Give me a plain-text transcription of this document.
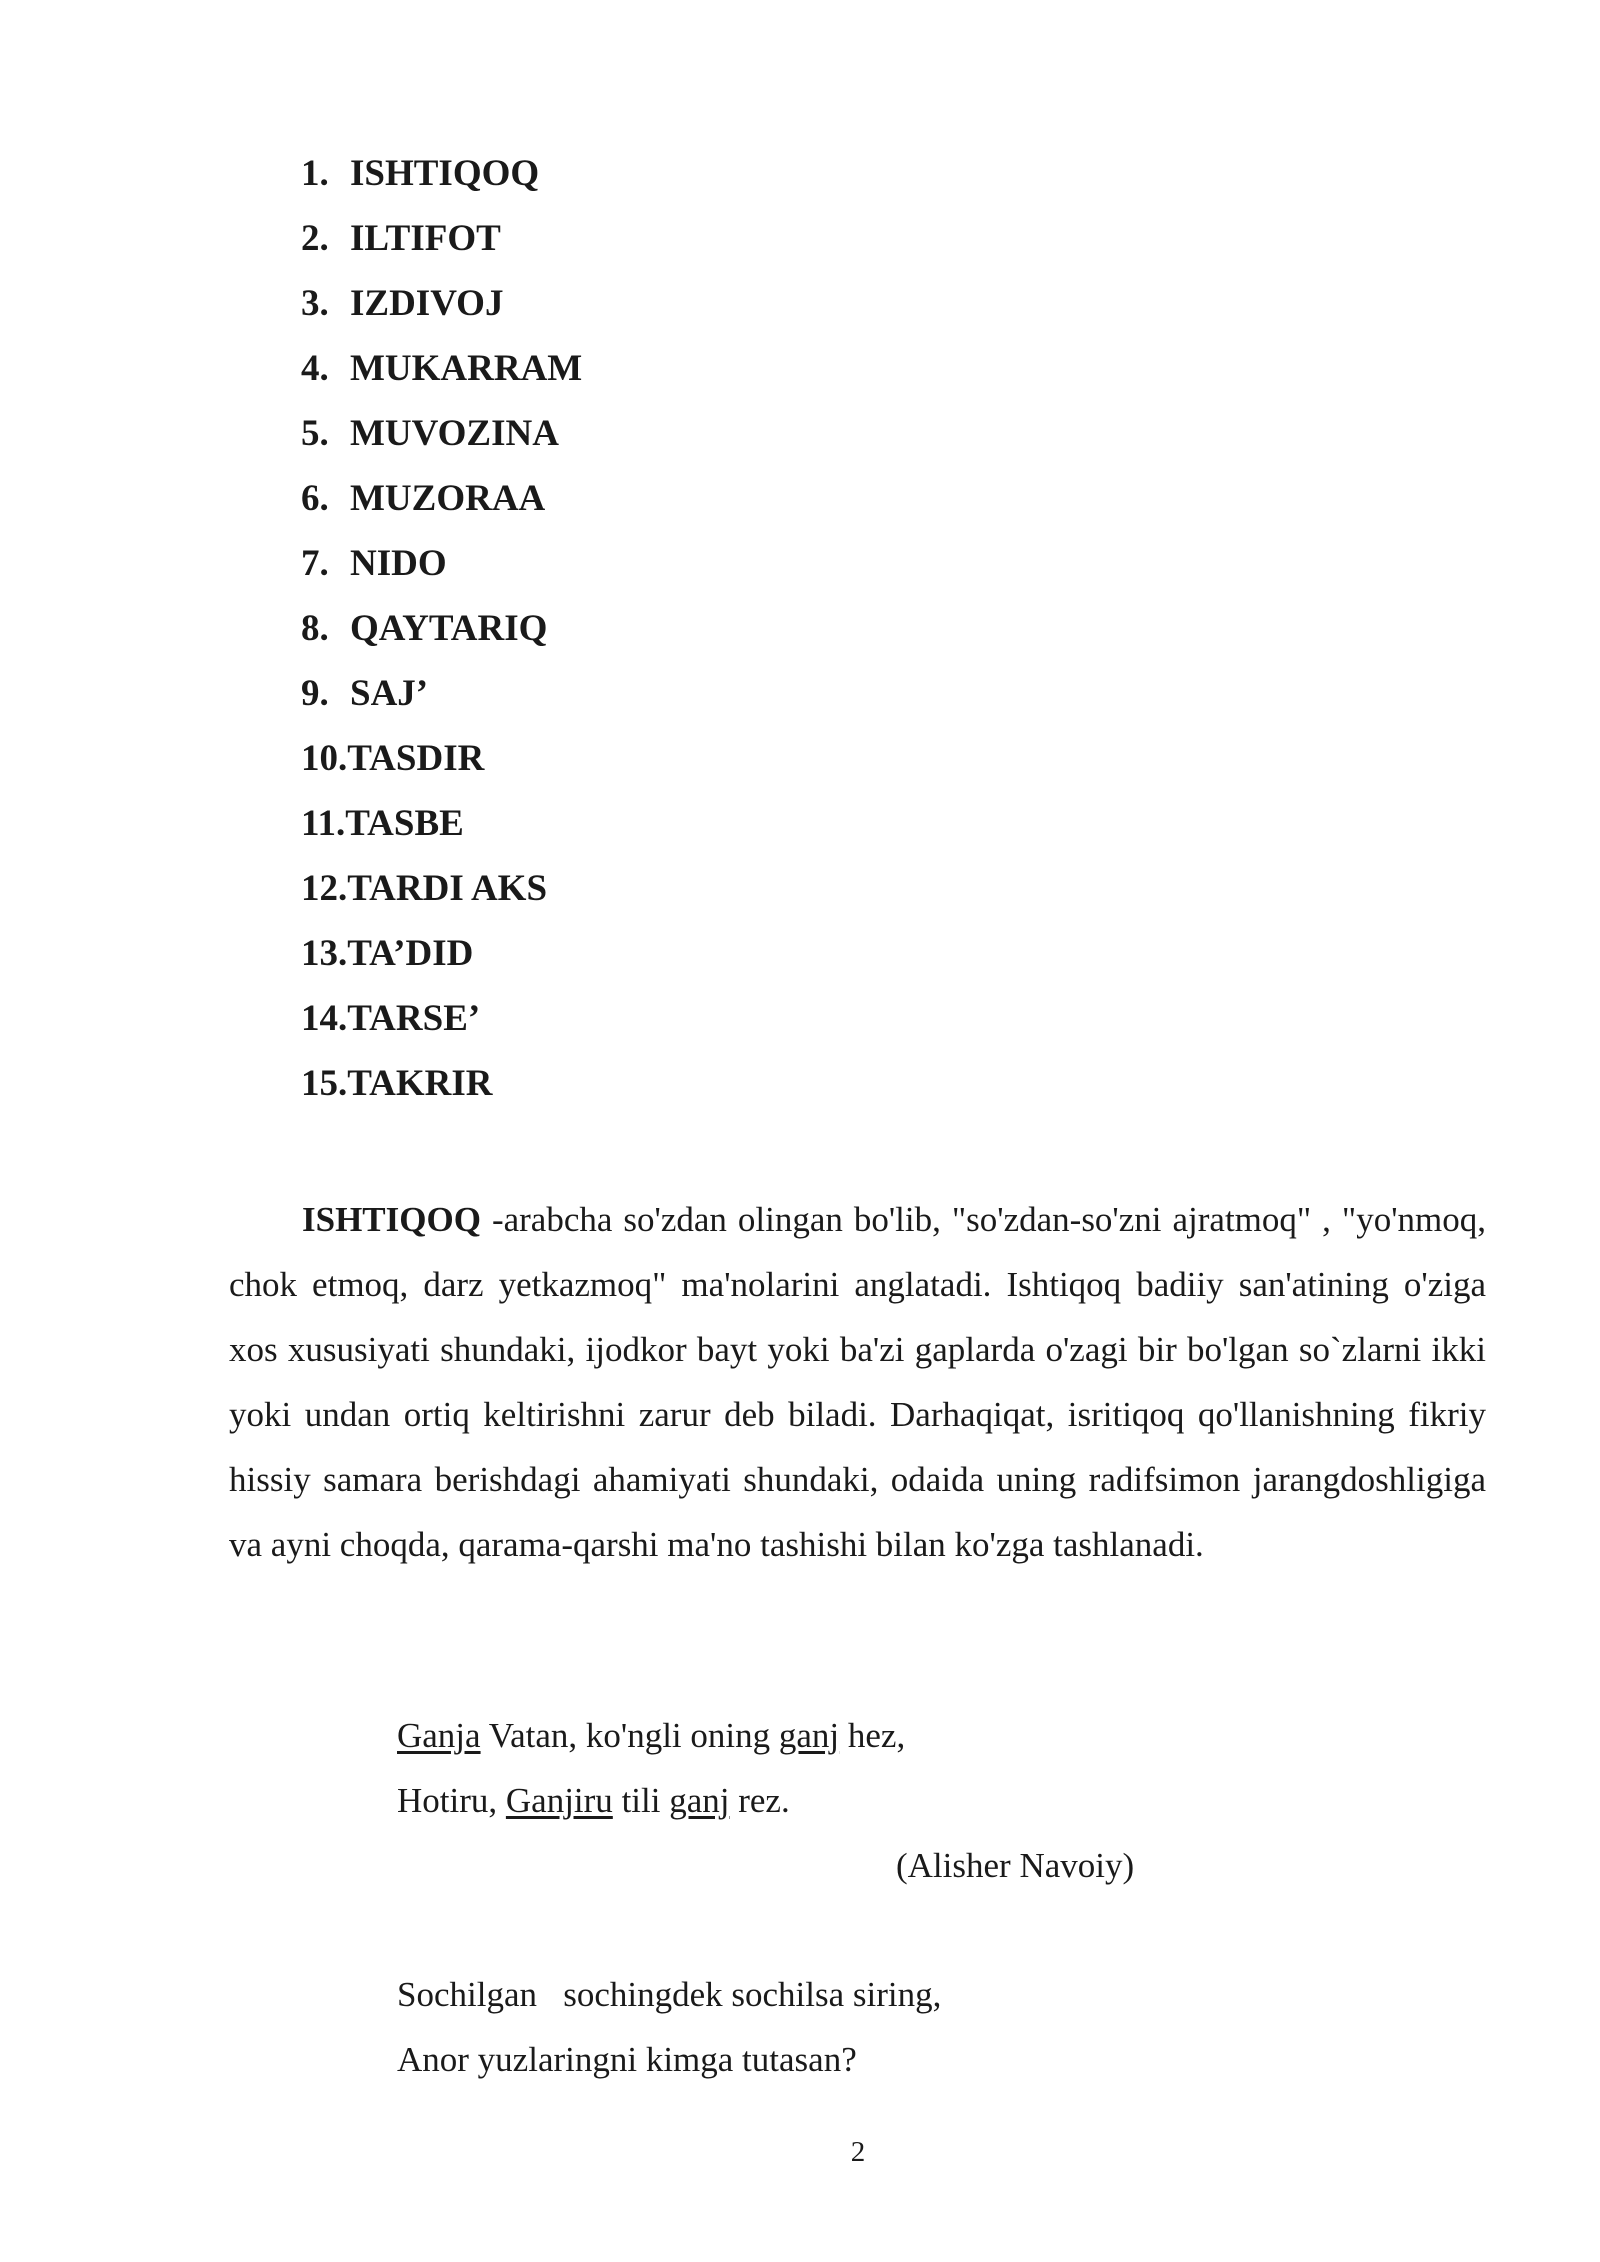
1. ISHTIQOQ
2. ILTIFOT
3. IZDIVOJ
4. MUKARRAM
5. MUVOZINA
6. MUZORAA
7. NIDO
8. QAYTARIQ
9. SAJ’
10.TASDIR
11.TASBE
12.TARDI AKS
13.TA’DID
14.TARSE’
15.TAKRIR

ISHTIQOQ -arabcha so'zdan olingan bo'lib, "so'zdan-so'zni ajratmoq" , "yo'nmoq, chok etmoq, darz yetkazmoq" ma'nolarini anglatadi. Ishtiqoq badiiy san'atining o'ziga xos xususiyati shundaki, ijodkor bayt yoki ba'zi gaplarda o'zagi bir bo'lgan so`zlarni ikki yoki undan ortiq keltirishni zarur deb biladi. Darhaqiqat, isritiqoq qo'llanishning fikriy hissiy samara berishdagi ahamiyati shundaki, odaida uning radifsimon jarangdoshligiga va ayni choqda, qarama-qarshi ma'no tashishi bilan ko'zga tashlanadi.

Ganja Vatan, ko'ngli oning ganj hez,
Hotiru, Ganjiru tili ganj rez.
(Alisher Navoiy)
Sochilgan   sochingdek sochilsa siring,
Anor yuzlaringni kimga tutasan?
2
